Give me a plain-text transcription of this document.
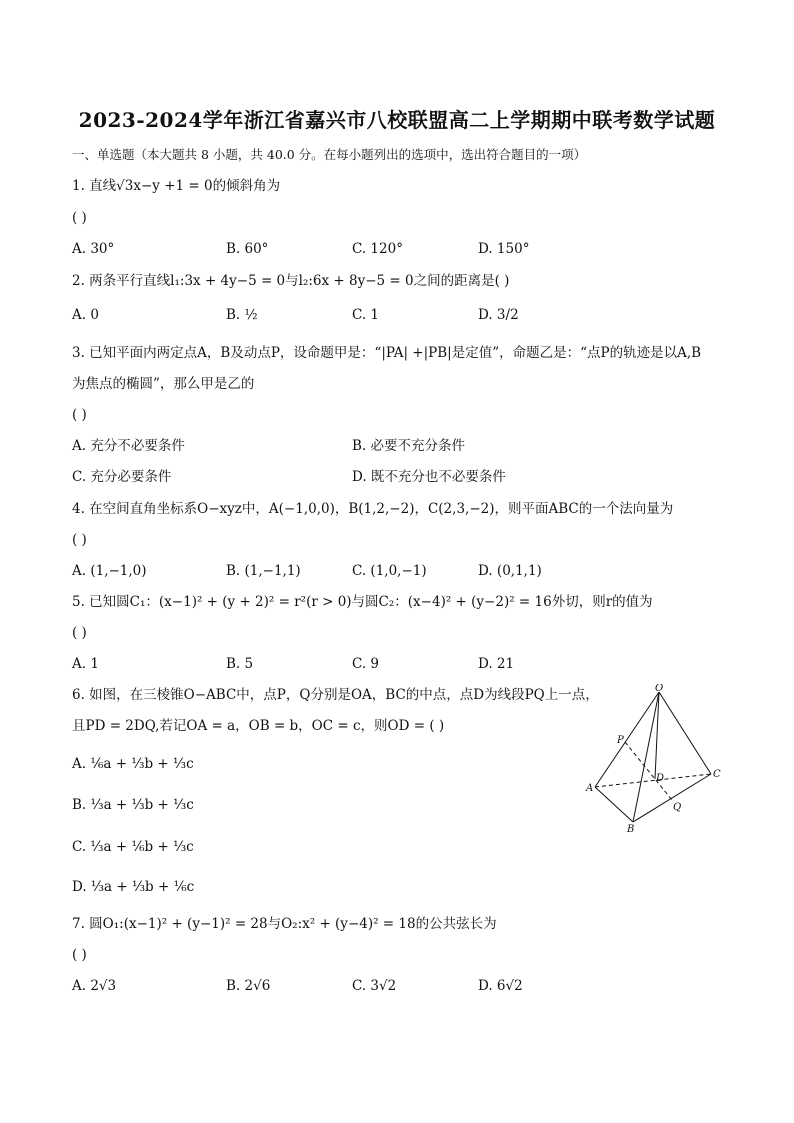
2023-2024学年浙江省嘉兴市八校联盟高二上学期期中联考数学试题
一、单选题（本大题共 8 小题，共 40.0 分。在每小题列出的选项中，选出符合题目的一项）
1. 直线√3x−y +1 = 0的倾斜角为
( )
A. 30°	B. 60°	C. 120°	D. 150°
2. 两条平行直线l₁:3x + 4y−5 = 0与l₂:6x + 8y−5 = 0之间的距离是( )
A. 0	B. ½	C. 1	D. 3/2
3. 已知平面内两定点A，B及动点P，设命题甲是：“|PA| +|PB|是定值”，命题乙是：“点P的轨迹是以A,B
为焦点的椭圆”，那么甲是乙的
( )
A. 充分不必要条件	B. 必要不充分条件
C. 充分必要条件	D. 既不充分也不必要条件
4. 在空间直角坐标系O−xyz中，A(−1,0,0)，B(1,2,−2)，C(2,3,−2)，则平面ABC的一个法向量为
( )
A. (1,−1,0)	B. (1,−1,1)	C. (1,0,−1)	D. (0,1,1)
5. 已知圆C₁：(x−1)² + (y + 2)² = r²(r > 0)与圆C₂：(x−4)² + (y−2)² = 16外切，则r的值为
( )
A. 1	B. 5	C. 9	D. 21
6. 如图，在三棱锥O−ABC中，点P，Q分别是OA，BC的中点，点D为线段PQ上一点，
且PD = 2DQ,若记OA = a，OB = b，OC = c，则OD = ( )
A. ⅙a + ⅓b + ⅓c
B. ⅓a + ⅓b + ⅓c
C. ⅓a + ⅙b + ⅓c
D. ⅓a + ⅓b + ⅙c
O
P
A
D	C
Q
B
7. 圆O₁:(x−1)² + (y−1)² = 28与O₂:x² + (y−4)² = 18的公共弦长为
( )
A. 2√3	B. 2√6	C. 3√2	D. 6√2
